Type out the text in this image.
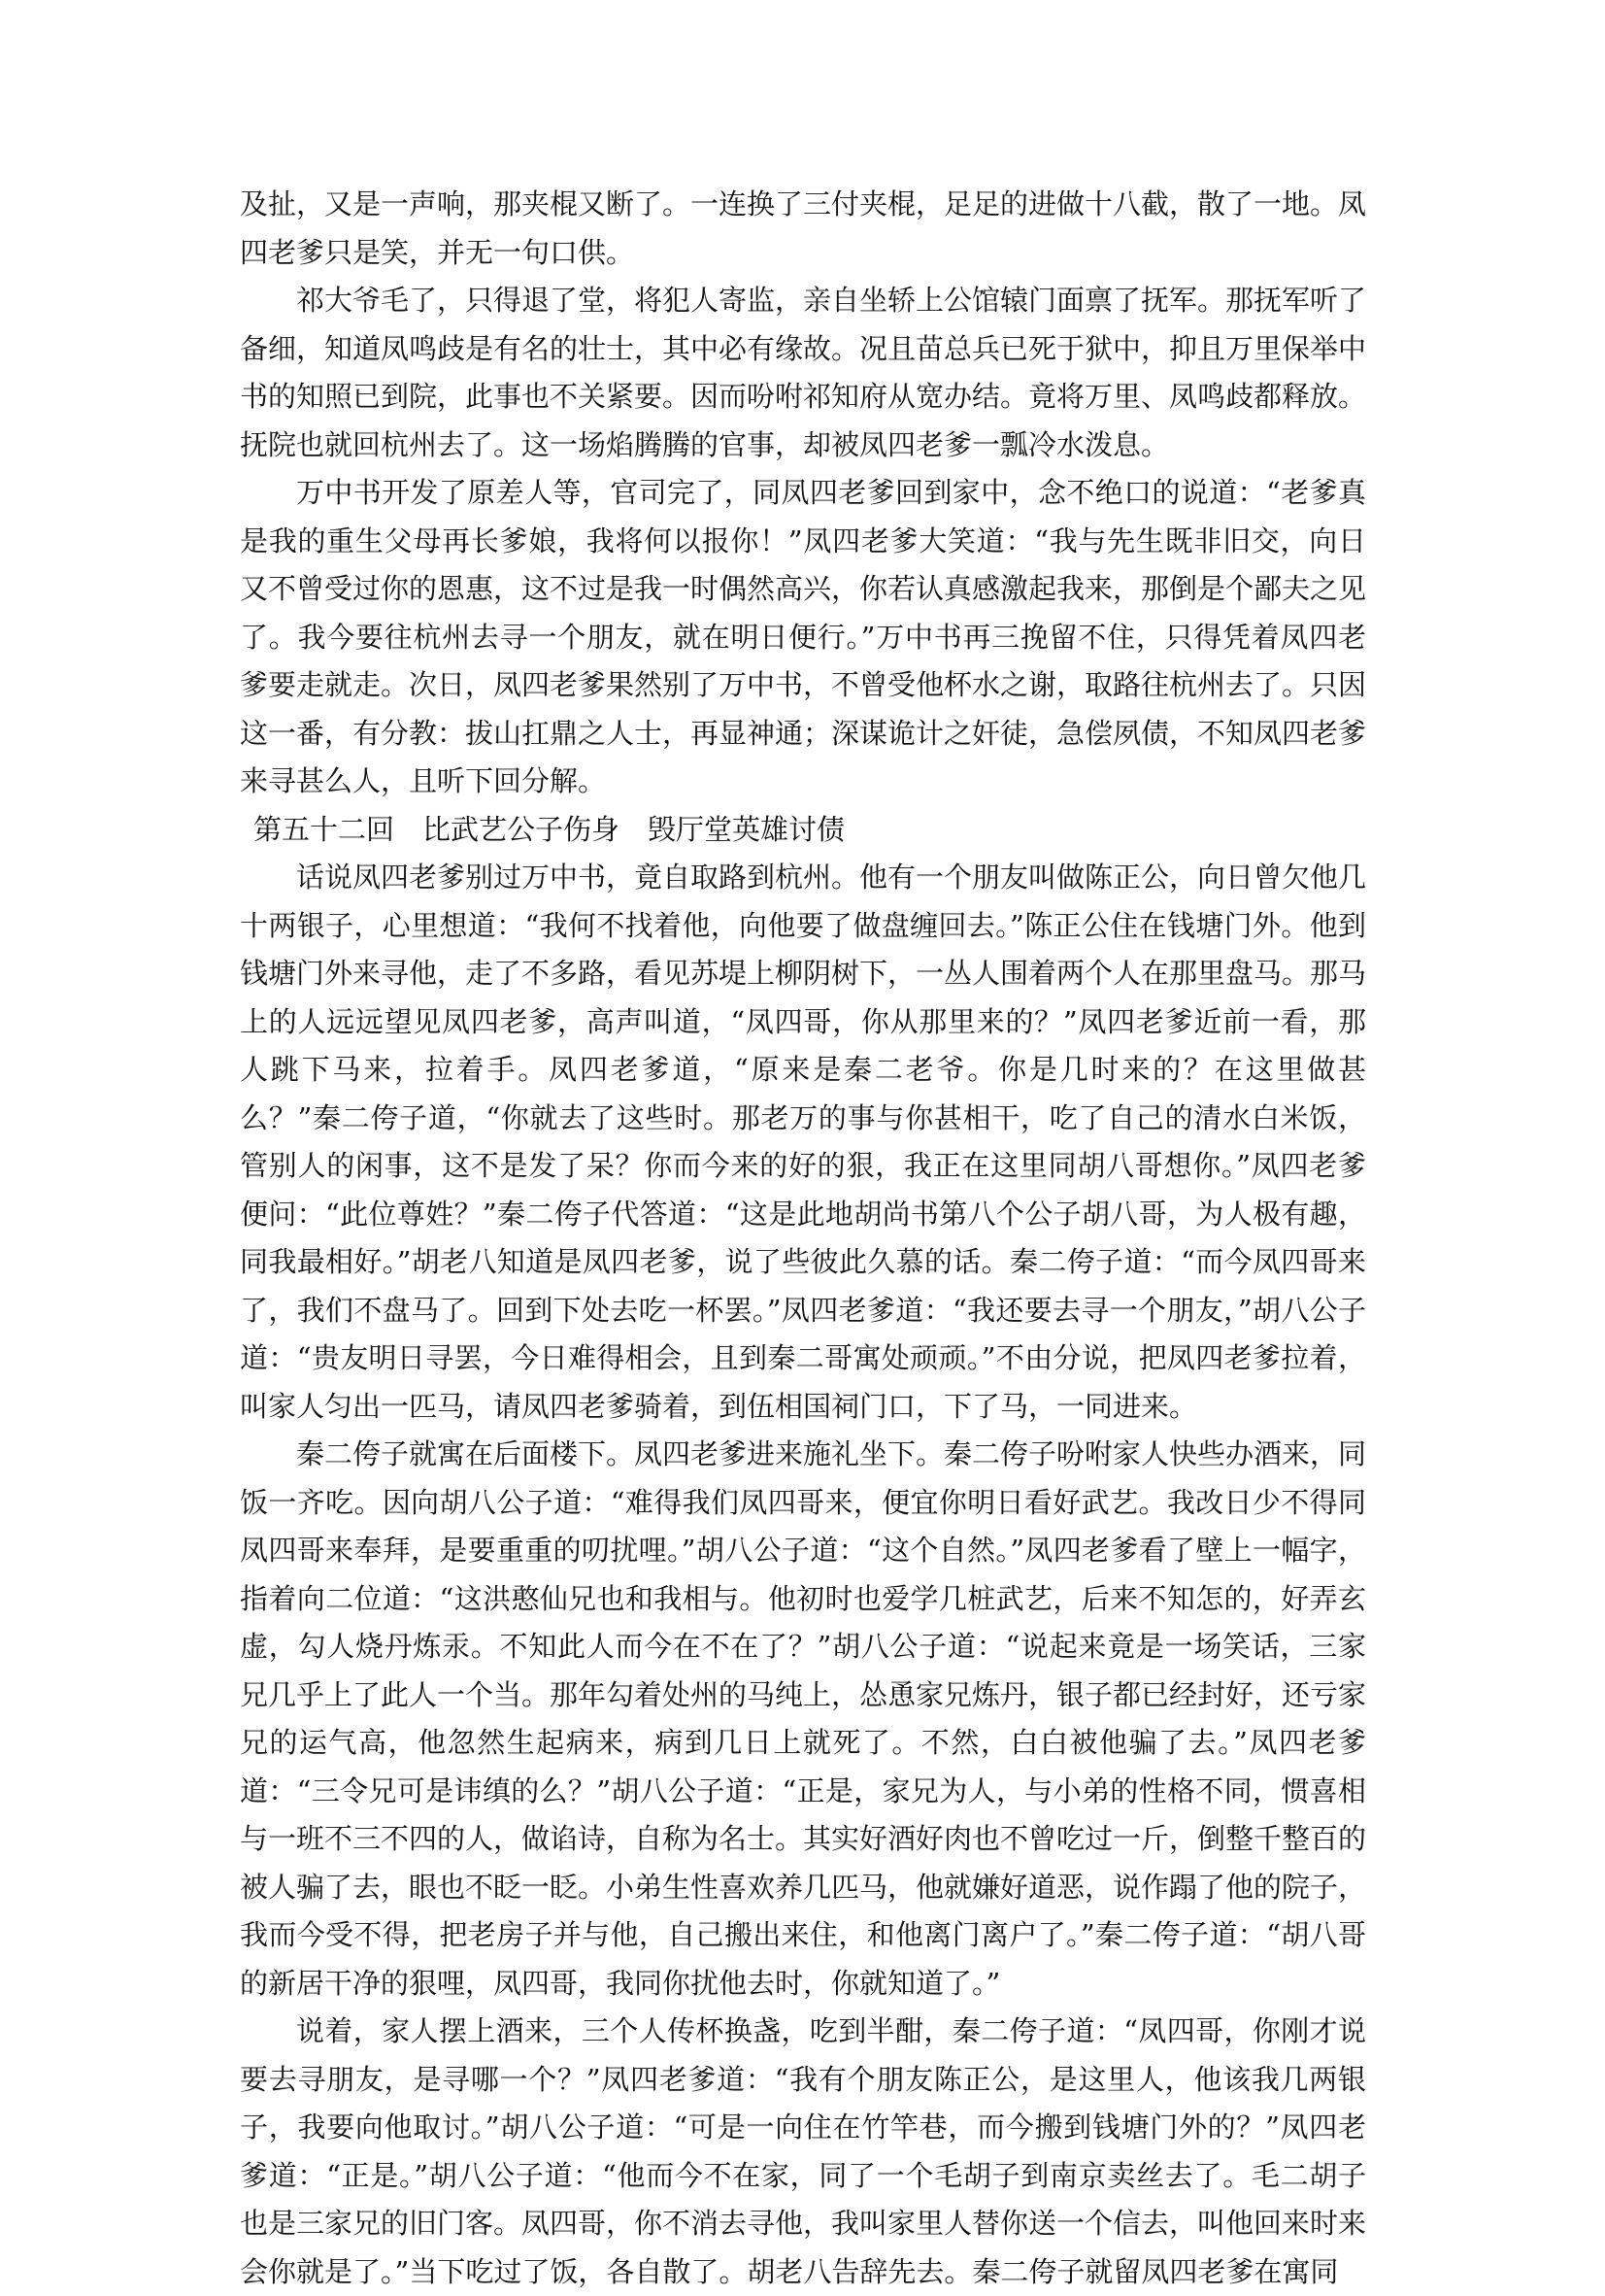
及扯，又是一声响，那夹棍又断了。一连换了三付夹棍，足足的进做十八截，散了一地。凤四老爹只是笑，并无一句口供。

祁大爷毛了，只得退了堂，将犯人寄监，亲自坐轿上公馆辕门面禀了抚军。那抚军听了备细，知道凤鸣歧是有名的壮士，其中必有缘故。况且苗总兵已死于狱中，抑且万里保举中书的知照已到院，此事也不关紧要。因而吩咐祁知府从宽办结。竟将万里、凤鸣歧都释放。抚院也就回杭州去了。这一场焰腾腾的官事，却被凤四老爹一瓢冷水泼息。

万中书开发了原差人等，官司完了，同凤四老爹回到家中，念不绝口的说道：“老爹真是我的重生父母再长爹娘，我将何以报你！”凤四老爹大笑道：“我与先生既非旧交，向日又不曾受过你的恩惠，这不过是我一时偶然高兴，你若认真感激起我来，那倒是个鄙夫之见了。我今要往杭州去寻一个朋友，就在明日便行。”万中书再三挽留不住，只得凭着凤四老爹要走就走。次日，凤四老爹果然别了万中书，不曾受他杯水之谢，取路往杭州去了。只因这一番，有分教：拔山扛鼎之人士，再显神通；深谋诡计之奸徒，急偿夙债，不知凤四老爹来寻甚么人，且听下回分解。

第五十二回　比武艺公子伤身　毁厅堂英雄讨债

话说凤四老爹别过万中书，竟自取路到杭州。他有一个朋友叫做陈正公，向日曾欠他几十两银子，心里想道：“我何不找着他，向他要了做盘缠回去。”陈正公住在钱塘门外。他到钱塘门外来寻他，走了不多路，看见苏堤上柳阴树下，一丛人围着两个人在那里盘马。那马上的人远远望见凤四老爹，高声叫道，“凤四哥，你从那里来的？”凤四老爹近前一看，那人跳下马来，拉着手。凤四老爹道，“原来是秦二老爷。你是几时来的？在这里做甚么？”秦二侉子道，“你就去了这些时。那老万的事与你甚相干，吃了自己的清水白米饭，管别人的闲事，这不是发了呆？你而今来的好的狠，我正在这里同胡八哥想你。”凤四老爹便问：“此位尊姓？”秦二侉子代答道：“这是此地胡尚书第八个公子胡八哥，为人极有趣，同我最相好。”胡老八知道是凤四老爹，说了些彼此久慕的话。秦二侉子道：“而今凤四哥来了，我们不盘马了。回到下处去吃一杯罢。”凤四老爹道：“我还要去寻一个朋友，”胡八公子道：“贵友明日寻罢，今日难得相会，且到秦二哥寓处顽顽。”不由分说，把凤四老爹拉着，叫家人匀出一匹马，请凤四老爹骑着，到伍相国祠门口，下了马，一同进来。

秦二侉子就寓在后面楼下。凤四老爹进来施礼坐下。秦二侉子吩咐家人快些办酒来，同饭一齐吃。因向胡八公子道：“难得我们凤四哥来，便宜你明日看好武艺。我改日少不得同凤四哥来奉拜，是要重重的叨扰哩。”胡八公子道：“这个自然。”凤四老爹看了壁上一幅字，指着向二位道：“这洪憨仙兄也和我相与。他初时也爱学几桩武艺，后来不知怎的，好弄玄虚，勾人烧丹炼汞。不知此人而今在不在了？”胡八公子道：“说起来竟是一场笑话，三家兄几乎上了此人一个当。那年勾着处州的马纯上，怂恿家兄炼丹，银子都已经封好，还亏家兄的运气高，他忽然生起病来，病到几日上就死了。不然，白白被他骗了去。”凤四老爹道：“三令兄可是讳缜的么？”胡八公子道：“正是，家兄为人，与小弟的性格不同，惯喜相与一班不三不四的人，做谄诗，自称为名士。其实好酒好肉也不曾吃过一斤，倒整千整百的被人骗了去，眼也不眨一眨。小弟生性喜欢养几匹马，他就嫌好道恶，说作蹋了他的院子，我而今受不得，把老房子并与他，自己搬出来住，和他离门离户了。”秦二侉子道：“胡八哥的新居干净的狠哩，凤四哥，我同你扰他去时，你就知道了。”

说着，家人摆上酒来，三个人传杯换盏，吃到半酣，秦二侉子道：“凤四哥，你刚才说要去寻朋友，是寻哪一个？”凤四老爹道：“我有个朋友陈正公，是这里人，他该我几两银子，我要向他取讨。”胡八公子道：“可是一向住在竹竿巷，而今搬到钱塘门外的？”凤四老爹道：“正是。”胡八公子道：“他而今不在家，同了一个毛胡子到南京卖丝去了。毛二胡子也是三家兄的旧门客。凤四哥，你不消去寻他，我叫家里人替你送一个信去，叫他回来时来会你就是了。”当下吃过了饭，各自散了。胡老八告辞先去。秦二侉子就留凤四老爹在寓同
